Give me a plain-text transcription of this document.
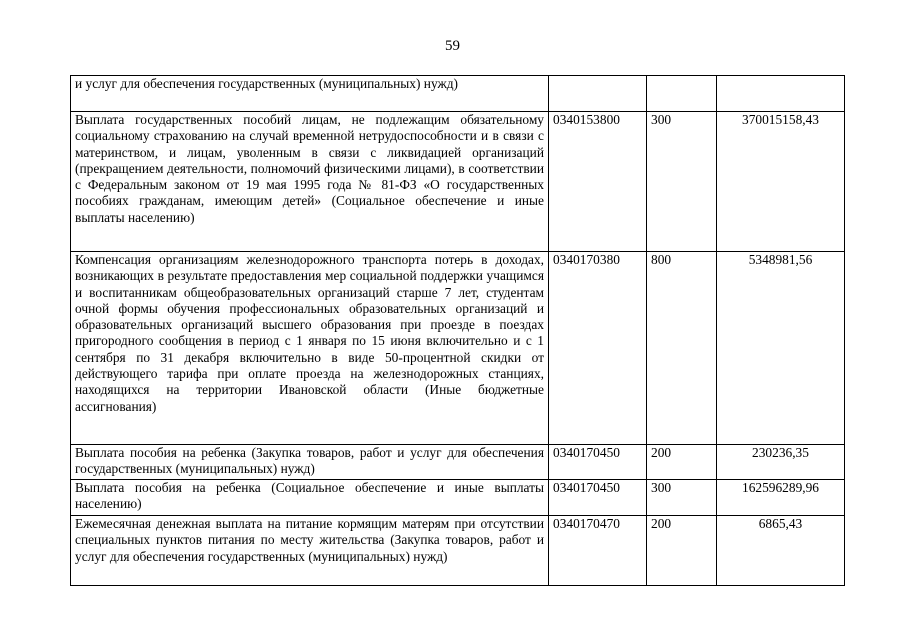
59
и услуг для обеспечения государственных (муниципальных) нужд)			
Выплата государственных пособий лицам, не подлежащим обязательному социальному страхованию на случай временной нетрудоспособности и в связи с материнством, и лицам, уволенным в связи с ликвидацией организаций (прекращением деятельности, полномочий физическими лицами), в соответствии с Федеральным законом от 19 мая 1995 года № 81-ФЗ «О государственных пособиях гражданам, имеющим детей» (Социальное обеспечение и иные выплаты населению)	0340153800	300	370015158,43
Компенсация организациям железнодорожного транспорта потерь в доходах, возникающих в результате предоставления мер социальной поддержки учащимся и воспитанникам общеобразовательных организаций старше 7 лет, студентам очной формы обучения профессиональных образовательных организаций и образовательных организаций высшего образования при проезде в поездах пригородного сообщения в период с 1 января по 15 июня включительно и с 1 сентября по 31 декабря включительно в виде 50-процентной скидки от действующего тарифа при оплате проезда на железнодорожных станциях, находящихся на территории Ивановской области (Иные бюджетные ассигнования)	0340170380	800	5348981,56
Выплата пособия на ребенка (Закупка товаров, работ и услуг для обеспечения государственных (муниципальных) нужд)	0340170450	200	230236,35
Выплата пособия на ребенка (Социальное обеспечение и иные выплаты населению)	0340170450	300	162596289,96
Ежемесячная денежная выплата на питание кормящим матерям при отсутствии специальных пунктов питания по месту жительства (Закупка товаров, работ и услуг для обеспечения государственных (муниципальных) нужд)	0340170470	200	6865,43
